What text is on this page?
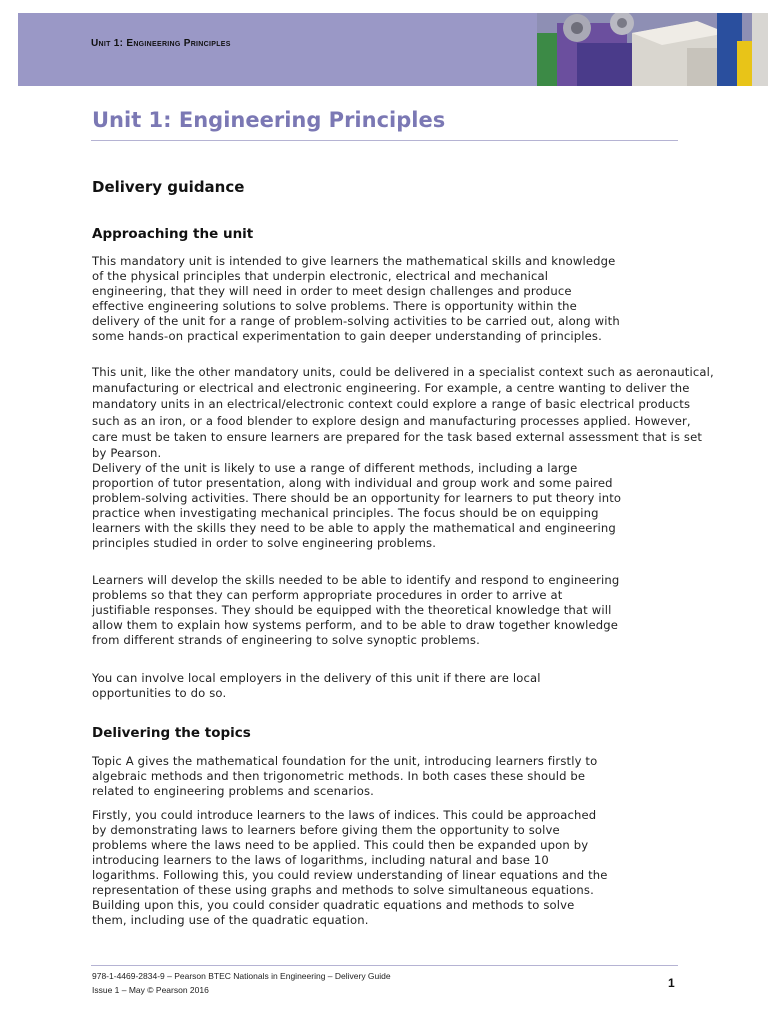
Unit 1: Engineering Principles
Unit 1: Engineering Principles
Delivery guidance
Approaching the unit

This mandatory unit is intended to give learners the mathematical skills and knowledge of the physical principles that underpin electronic, electrical and mechanical engineering, that they will need in order to meet design challenges and produce effective engineering solutions to solve problems. There is opportunity within the delivery of the unit for a range of problem-solving activities to be carried out, along with some hands-on practical experimentation to gain deeper understanding of principles.

This unit, like the other mandatory units, could be delivered in a specialist context such as aeronautical, manufacturing or electrical and electronic engineering. For example, a centre wanting to deliver the mandatory units in an electrical/electronic context could explore a range of basic electrical products such as an iron, or a food blender to explore design and manufacturing processes applied. However, care must be taken to ensure learners are prepared for the task based external assessment that is set by Pearson.

Delivery of the unit is likely to use a range of different methods, including a large proportion of tutor presentation, along with individual and group work and some paired problem-solving activities. There should be an opportunity for learners to put theory into practice when investigating mechanical principles. The focus should be on equipping learners with the skills they need to be able to apply the mathematical and engineering principles studied in order to solve engineering problems.

Learners will develop the skills needed to be able to identify and respond to engineering problems so that they can perform appropriate procedures in order to arrive at justifiable responses. They should be equipped with the theoretical knowledge that will allow them to explain how systems perform, and to be able to draw together knowledge from different strands of engineering to solve synoptic problems.

You can involve local employers in the delivery of this unit if there are local opportunities to do so.

Delivering the topics

Topic A gives the mathematical foundation for the unit, introducing learners firstly to algebraic methods and then trigonometric methods. In both cases these should be related to engineering problems and scenarios.

Firstly, you could introduce learners to the laws of indices. This could be approached by demonstrating laws to learners before giving them the opportunity to solve problems where the laws need to be applied. This could then be expanded upon by introducing learners to the laws of logarithms, including natural and base 10 logarithms. Following this, you could review understanding of linear equations and the representation of these using graphs and methods to solve simultaneous equations. Building upon this, you could consider quadratic equations and methods to solve them, including use of the quadratic equation.

978-1-4469-2834-9 – Pearson BTEC Nationals in Engineering – Delivery Guide
Issue 1 – May © Pearson 2016	1
